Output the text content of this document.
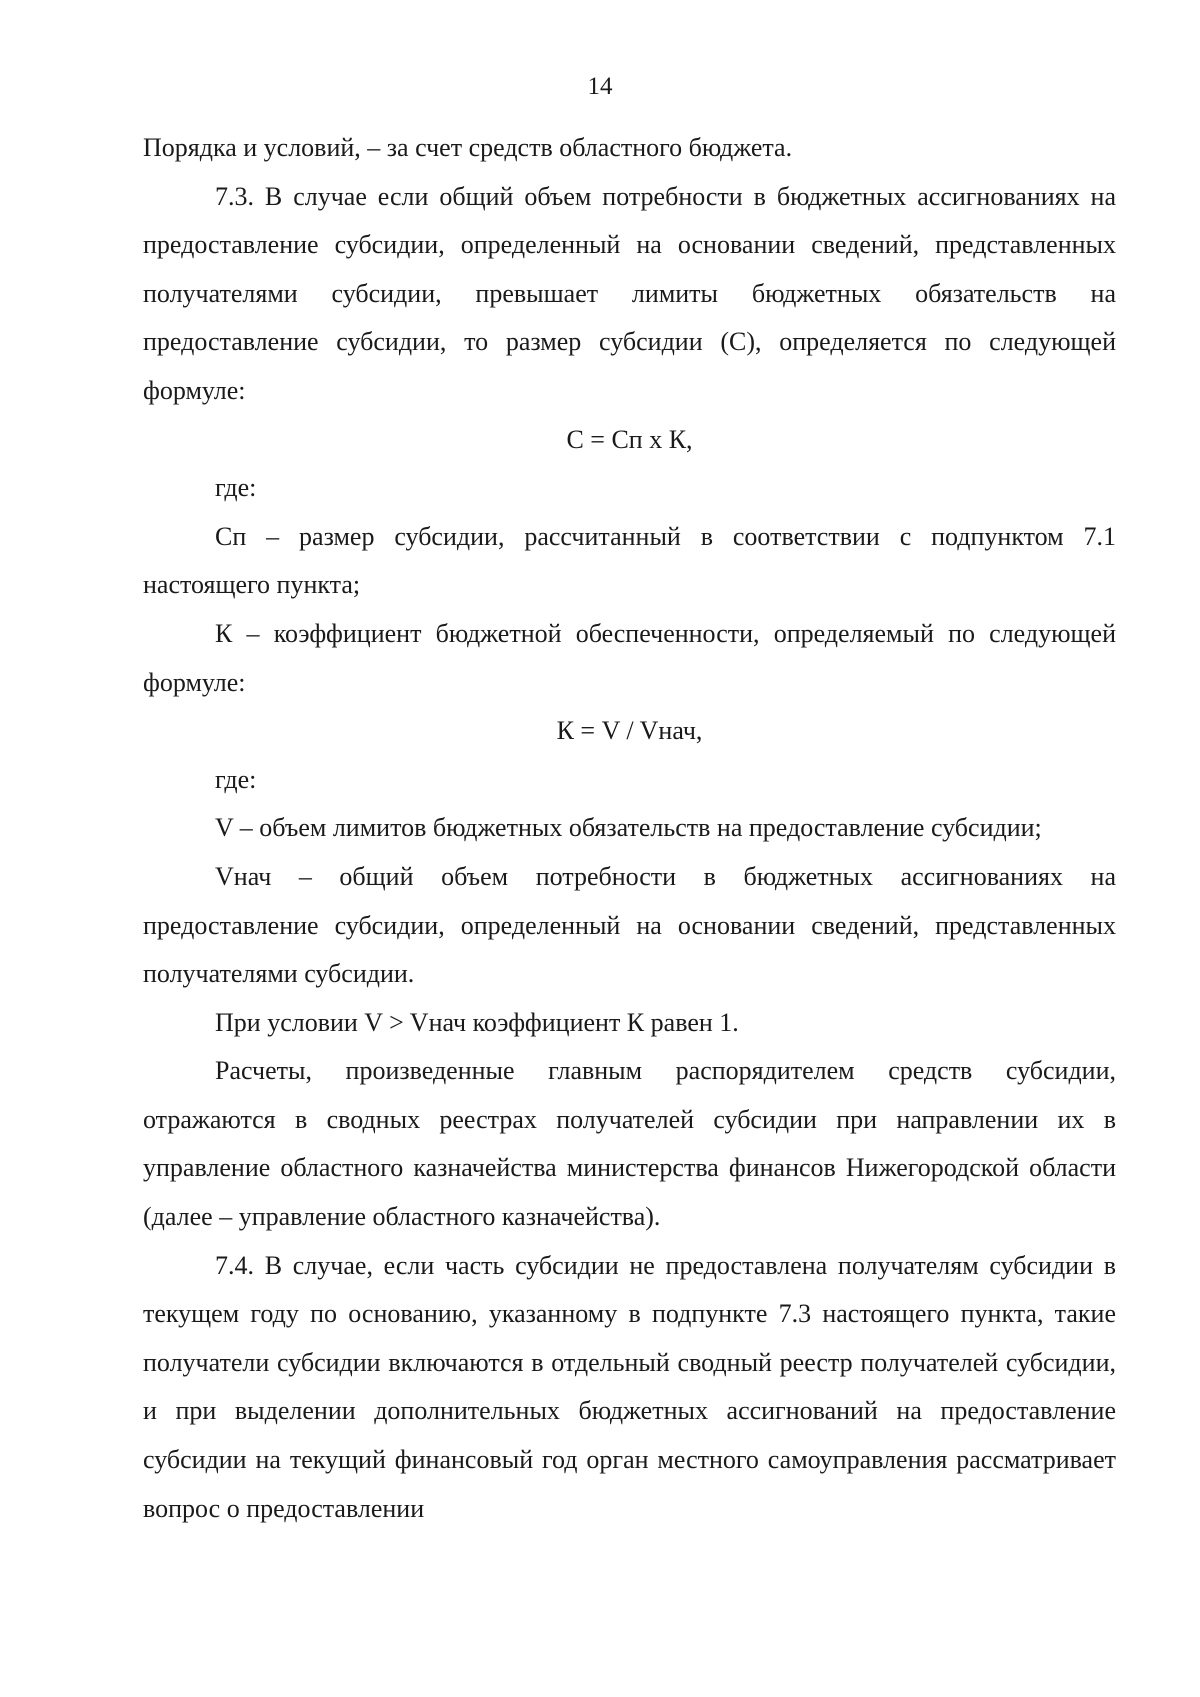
14

Порядка и условий, – за счет средств областного бюджета.

7.3. В случае если общий объем потребности в бюджетных ассигнованиях на предоставление субсидии, определенный на основании сведений, представленных получателями субсидии, превышает лимиты бюджетных обязательств на предоставление субсидии, то размер субсидии (С), определяется по следующей формуле:

С = Сп х К,

где:

Сп – размер субсидии, рассчитанный в соответствии с подпунктом 7.1 настоящего пункта;

К – коэффициент бюджетной обеспеченности, определяемый по следующей формуле:

К = V / Vнач,

где:

V – объем лимитов бюджетных обязательств на предоставление субсидии;

Vнач – общий объем потребности в бюджетных ассигнованиях на предоставление субсидии, определенный на основании сведений, представленных получателями субсидии.

При условии V > Vнач коэффициент К равен 1.

Расчеты, произведенные главным распорядителем средств субсидии, отражаются в сводных реестрах получателей субсидии при направлении их в управление областного казначейства министерства финансов Нижегородской области (далее – управление областного казначейства).

7.4. В случае, если часть субсидии не предоставлена получателям субсидии в текущем году по основанию, указанному в подпункте 7.3 настоящего пункта, такие получатели субсидии включаются в отдельный сводный реестр получателей субсидии, и при выделении дополнительных бюджетных ассигнований на предоставление субсидии на текущий финансовый год орган местного самоуправления рассматривает вопрос о предоставлении
